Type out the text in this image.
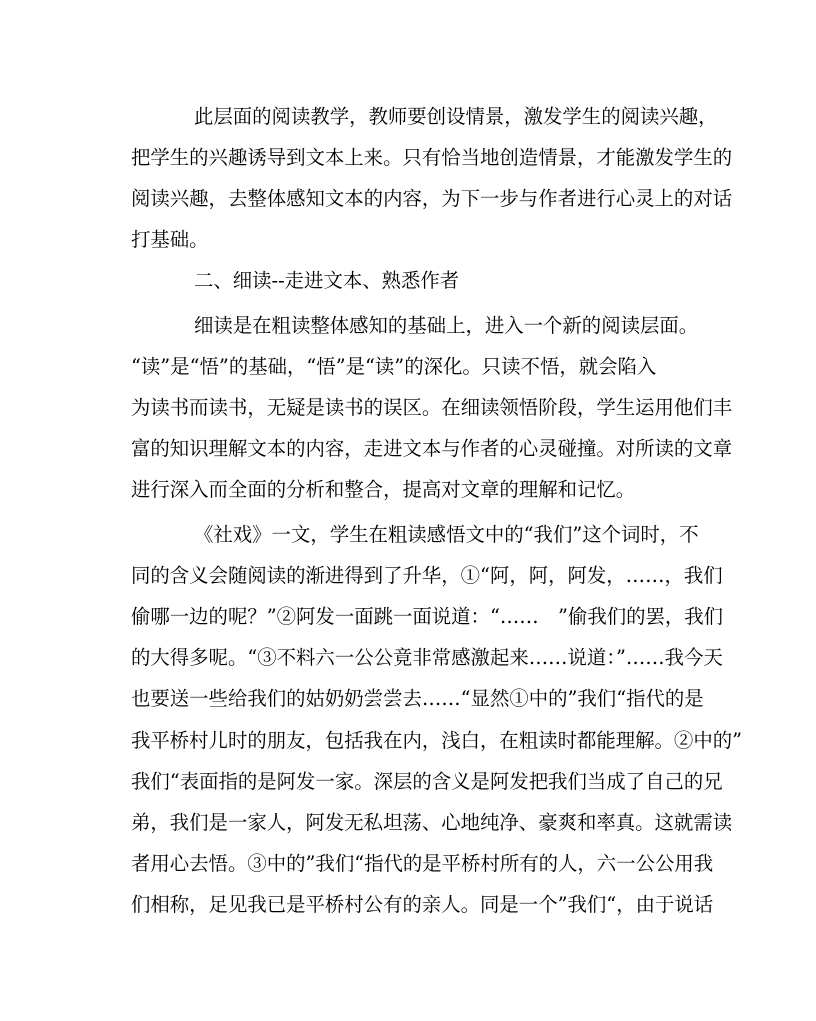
此层面的阅读教学，教师要创设情景，激发学生的阅读兴趣，
把学生的兴趣诱导到文本上来。只有恰当地创造情景，才能激发学生的
阅读兴趣，去整体感知文本的内容，为下一步与作者进行心灵上的对话
打基础。
二、细读--走进文本、熟悉作者
细读是在粗读整体感知的基础上，进入一个新的阅读层面。
“读”是“悟”的基础，“悟”是“读”的深化。只读不悟，就会陷入
为读书而读书，无疑是读书的误区。在细读领悟阶段，学生运用他们丰
富的知识理解文本的内容，走进文本与作者的心灵碰撞。对所读的文章
进行深入而全面的分析和整合，提高对文章的理解和记忆。
《社戏》一文，学生在粗读感悟文中的“我们”这个词时，不
同的含义会随阅读的渐进得到了升华，①“阿，阿，阿发，……，我们
偷哪一边的呢？”②阿发一面跳一面说道：“……　”偷我们的罢，我们
的大得多呢。“③不料六一公公竟非常感激起来……说道：”……我今天
也要送一些给我们的姑奶奶尝尝去……“显然①中的”我们“指代的是
我平桥村儿时的朋友，包括我在内，浅白，在粗读时都能理解。②中的”
我们“表面指的是阿发一家。深层的含义是阿发把我们当成了自己的兄
弟，我们是一家人，阿发无私坦荡、心地纯净、豪爽和率真。这就需读
者用心去悟。③中的”我们“指代的是平桥村所有的人，六一公公用我
们相称，足见我已是平桥村公有的亲人。同是一个”我们“，由于说话
